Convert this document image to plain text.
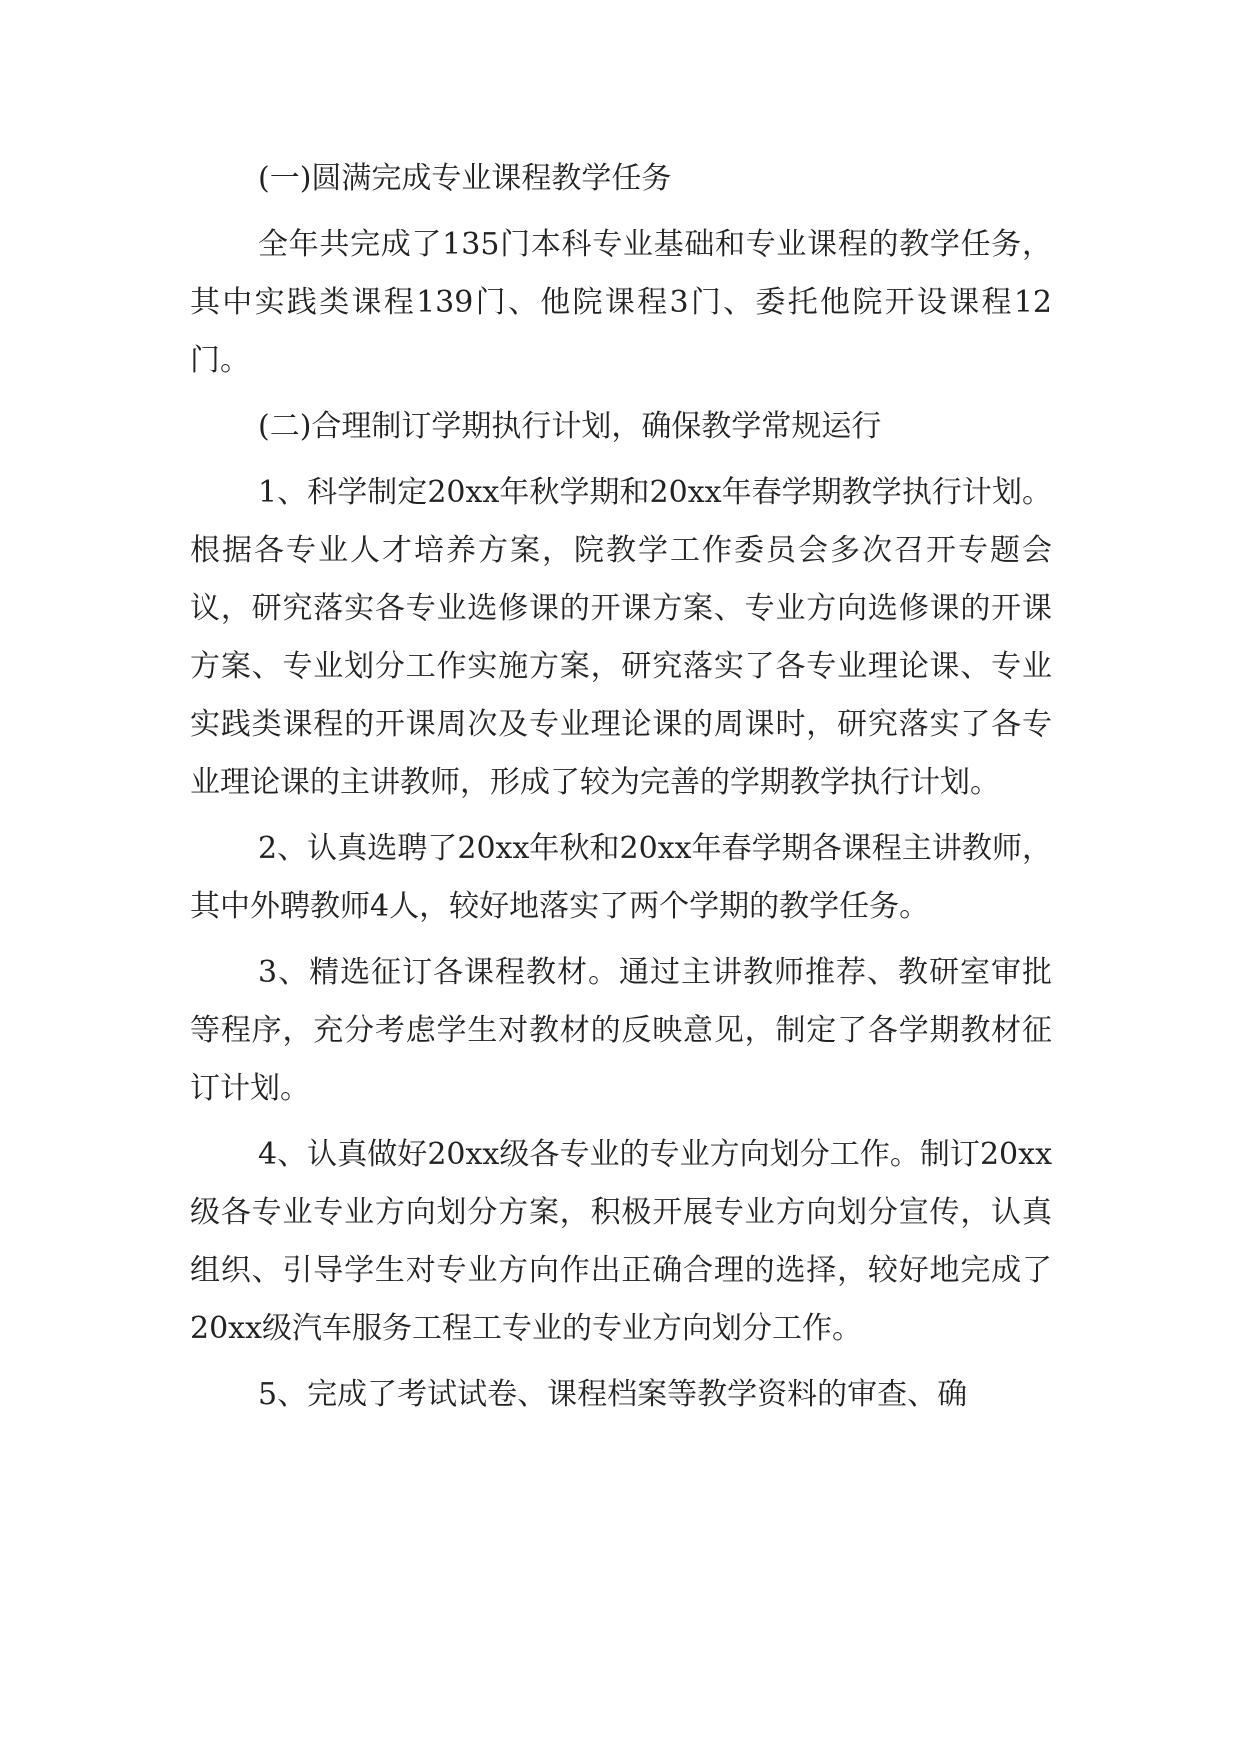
(一)圆满完成专业课程教学任务

全年共完成了135门本科专业基础和专业课程的教学任务，其中实践类课程139门、他院课程3门、委托他院开设课程12门。

(二)合理制订学期执行计划，确保教学常规运行

1、科学制定20xx年秋学期和20xx年春学期教学执行计划。根据各专业人才培养方案，院教学工作委员会多次召开专题会议，研究落实各专业选修课的开课方案、专业方向选修课的开课方案、专业划分工作实施方案，研究落实了各专业理论课、专业实践类课程的开课周次及专业理论课的周课时，研究落实了各专业理论课的主讲教师，形成了较为完善的学期教学执行计划。

2、认真选聘了20xx年秋和20xx年春学期各课程主讲教师，其中外聘教师4人，较好地落实了两个学期的教学任务。

3、精选征订各课程教材。通过主讲教师推荐、教研室审批等程序，充分考虑学生对教材的反映意见，制定了各学期教材征订计划。

4、认真做好20xx级各专业的专业方向划分工作。制订20xx级各专业专业方向划分方案，积极开展专业方向划分宣传，认真组织、引导学生对专业方向作出正确合理的选择，较好地完成了20xx级汽车服务工程工专业的专业方向划分工作。

5、完成了考试试卷、课程档案等教学资料的审查、确
